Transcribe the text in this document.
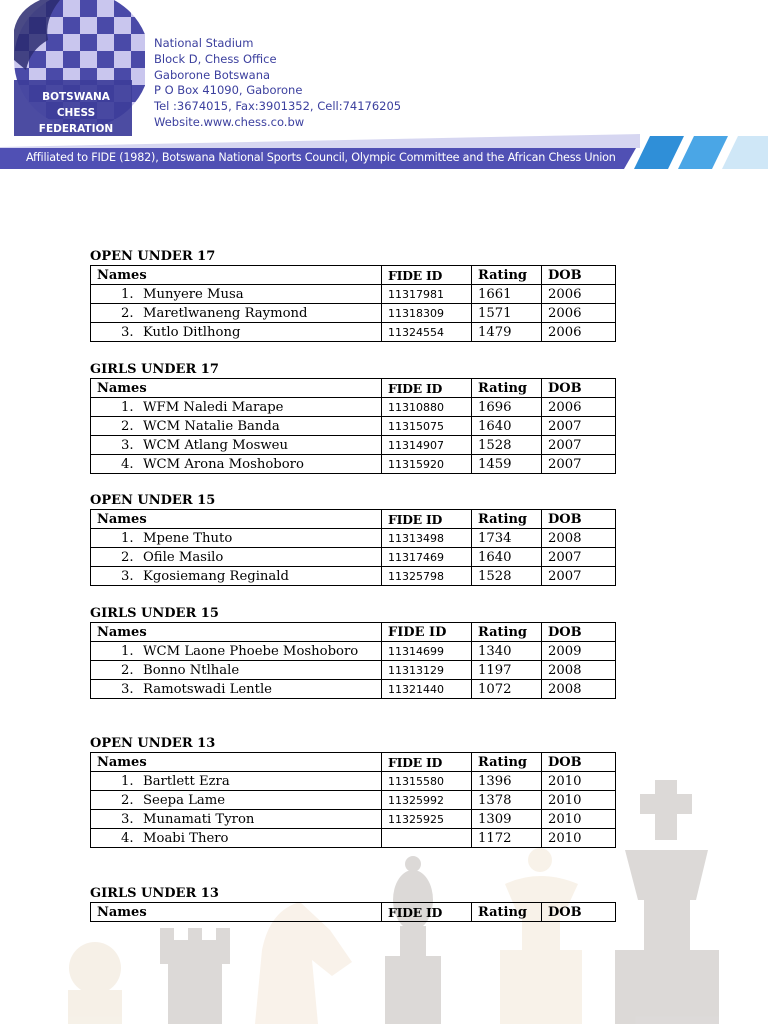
BOTSWANA
CHESS
FEDERATION
National Stadium
Block D, Chess Office
Gaborone Botswana
P O Box 41090, Gaborone
Tel :3674015, Fax:3901352, Cell:74176205
Website.www.chess.co.bw
Affiliated to FIDE (1982), Botswana National Sports Council, Olympic Committee and the African Chess Union
OPEN UNDER 17
Names	FIDE ID	Rating	DOB
1. Munyere Musa	11317981	1661	2006
2. Maretlwaneng Raymond	11318309	1571	2006
3. Kutlo Ditlhong	11324554	1479	2006
GIRLS UNDER 17
Names	FIDE ID	Rating	DOB
1. WFM Naledi Marape	11310880	1696	2006
2. WCM Natalie Banda	11315075	1640	2007
3. WCM Atlang Mosweu	11314907	1528	2007
4. WCM Arona Moshoboro	11315920	1459	2007
OPEN UNDER 15
Names	FIDE ID	Rating	DOB
1. Mpene Thuto	11313498	1734	2008
2. Ofile Masilo	11317469	1640	2007
3. Kgosiemang Reginald	11325798	1528	2007
GIRLS UNDER 15
Names	FIDE ID	Rating	DOB
1. WCM Laone Phoebe Moshoboro	11314699	1340	2009
2. Bonno Ntlhale	11313129	1197	2008
3. Ramotswadi Lentle	11321440	1072	2008
OPEN UNDER 13
Names	FIDE ID	Rating	DOB
1. Bartlett Ezra	11315580	1396	2010
2. Seepa Lame	11325992	1378	2010
3. Munamati Tyron	11325925	1309	2010
4. Moabi Thero		1172	2010
GIRLS UNDER 13
Names	FIDE ID	Rating	DOB
